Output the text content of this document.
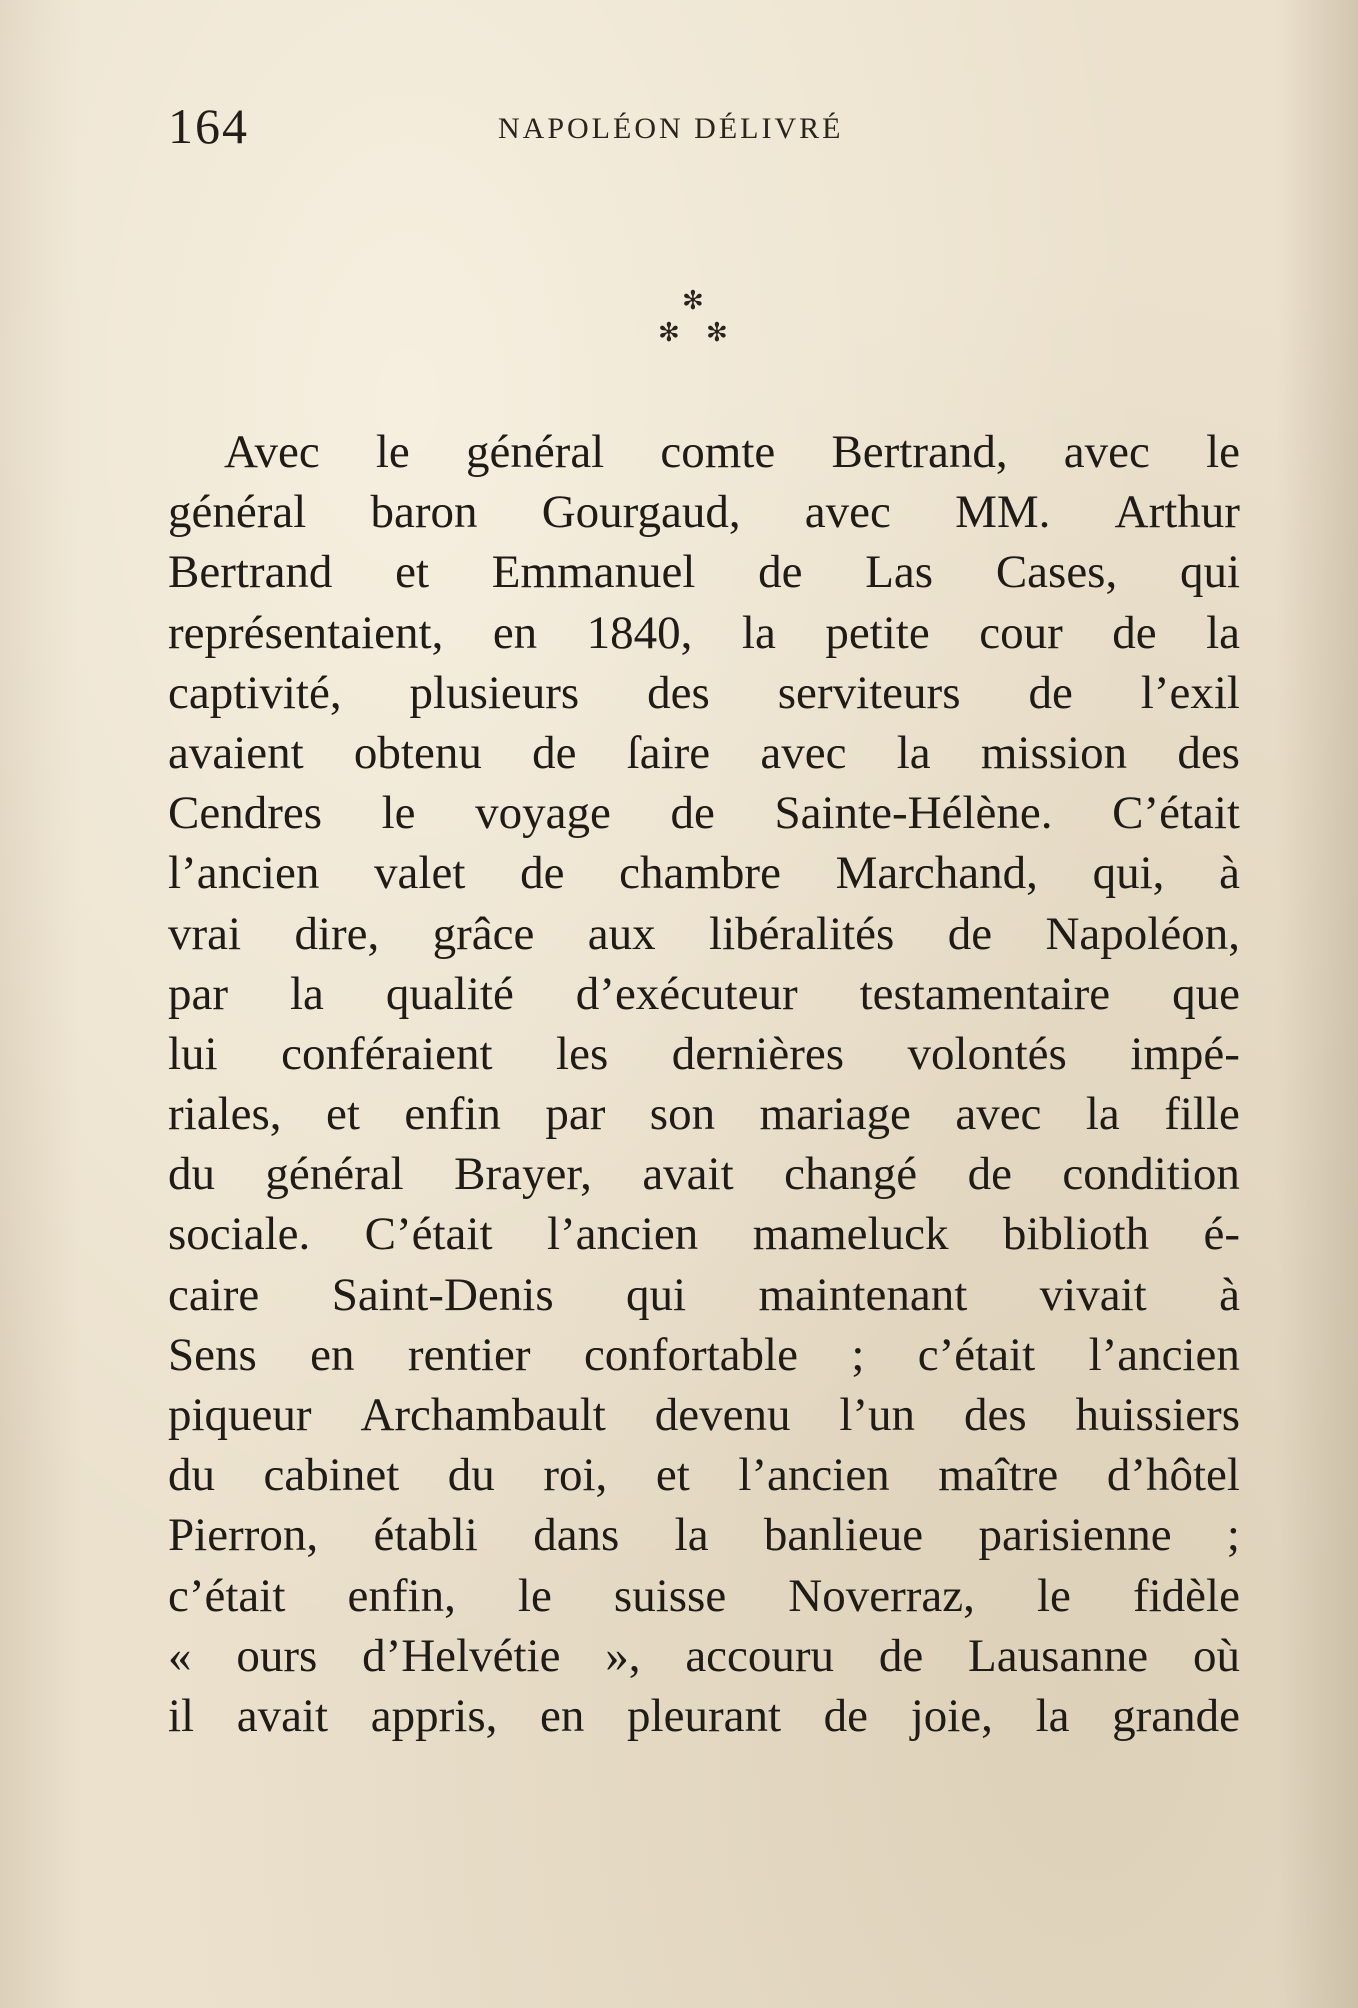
164	NAPOLÉON DÉLIVRÉ
✻
✻ ✻
Avec le général comte Bertrand, avec le
général baron Gourgaud, avec MM. Arthur
Bertrand et Emmanuel de Las Cases, qui
représentaient, en 1840, la petite cour de la
captivité, plusieurs des serviteurs de l’exil
avaient obtenu de ſaire avec la mission des
Cendres le voyage de Sainte-Hélène. C’était
l’ancien valet de chambre Marchand, qui, à
vrai dire, grâce aux libéralités de Napoléon,
par la qualité d’exécuteur testamentaire que
lui conféraient les dernières volontés impé-
riales, et enfin par son mariage avec la fille
du général Brayer, avait changé de condition
sociale. C’était l’ancien mameluck biblioth é-
caire Saint-Denis qui maintenant vivait à
Sens en rentier confortable ; c’était l’ancien
piqueur Archambault devenu l’un des huissiers
du cabinet du roi, et l’ancien maître d’hôtel
Pierron, établi dans la banlieue parisienne ;
c’était enfin, le suisse Noverraz, le fidèle
« ours d’Helvétie », accouru de Lausanne où
il avait appris, en pleurant de joie, la grande
